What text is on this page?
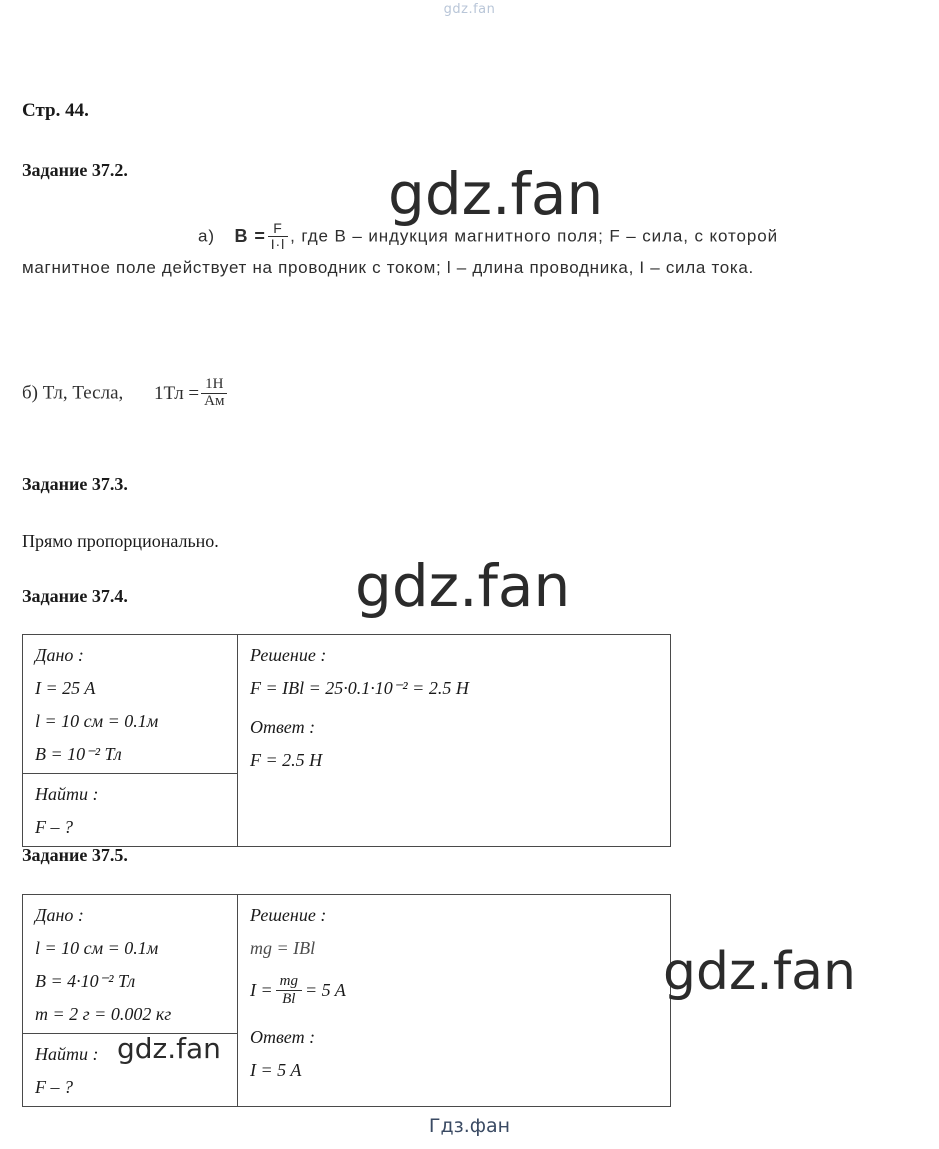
gdz.fan
Стр. 44.
Задание 37.2.
а) $B = \frac{F}{I\cdot l}$ , где В – индукция магнитного поля; F – сила, с которой
магнитное поле действует на проводник с током; l – длина проводника, I – сила тока.
б) Тл, Тесла, $1Тл = \frac{1Н}{Ам}$
Задание 37.3.
Прямо пропорционально.
Задание 37.4.
Дано :
I = 25 A
l = 10 см = 0.1м
B = 10⁻² Тл

Решение :
F = IBl = 25·0.1·10⁻² = 2.5 Н
Ответ :
F = 2.5 Н

Найти :
F – ?
Задание 37.5.
Дано :
l = 10 см = 0.1м
B = 4·10⁻² Тл
m = 2 г = 0.002 кг

Решение :
mg = IBl
$I = \frac{mg}{Bl} = 5$ A
Ответ :
I = 5 A

Найти :
F – ?
gdz.fan
gdz.fan
gdz.fan
gdz.fan
Гдз.фан
